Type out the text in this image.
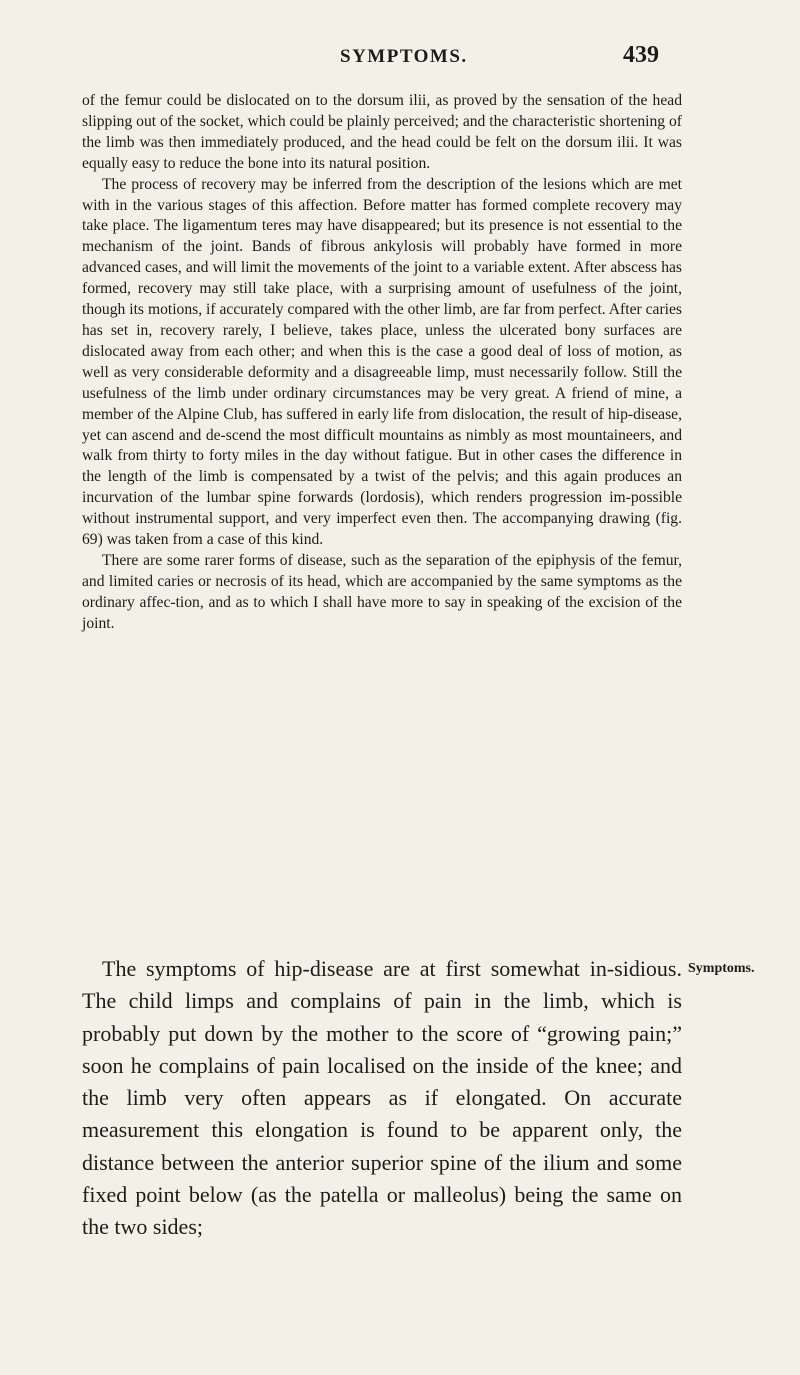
SYMPTOMS.	439

of the femur could be dislocated on to the dorsum ilii, as proved by the sensation of the head slipping out of the socket, which could be plainly perceived; and the characteristic shortening of the limb was then immediately produced, and the head could be felt on the dorsum ilii. It was equally easy to reduce the bone into its natural position.

The process of recovery may be inferred from the description of the lesions which are met with in the various stages of this affection. Before matter has formed complete recovery may take place. The ligamentum teres may have disappeared; but its presence is not essential to the mechanism of the joint. Bands of fibrous ankylosis will probably have formed in more advanced cases, and will limit the movements of the joint to a variable extent. After abscess has formed, recovery may still take place, with a surprising amount of usefulness of the joint, though its motions, if accurately compared with the other limb, are far from perfect. After caries has set in, recovery rarely, I believe, takes place, unless the ulcerated bony surfaces are dislocated away from each other; and when this is the case a good deal of loss of motion, as well as very considerable deformity and a disagreeable limp, must necessarily follow. Still the usefulness of the limb under ordinary circumstances may be very great. A friend of mine, a member of the Alpine Club, has suffered in early life from dislocation, the result of hip-disease, yet can ascend and de-scend the most difficult mountains as nimbly as most mountaineers, and walk from thirty to forty miles in the day without fatigue. But in other cases the difference in the length of the limb is compensated by a twist of the pelvis; and this again produces an incurvation of the lumbar spine forwards (lordosis), which renders progression im-possible without instrumental support, and very imperfect even then. The accompanying drawing (fig. 69) was taken from a case of this kind.

There are some rarer forms of disease, such as the separation of the epiphysis of the femur, and limited caries or necrosis of its head, which are accompanied by the same symptoms as the ordinary affec-tion, and as to which I shall have more to say in speaking of the excision of the joint.

The symptoms of hip-disease are at first somewhat in-sidious. The child limps and complains of pain in the limb, which is probably put down by the mother to the score of “growing pain;” soon he complains of pain localised on the inside of the knee; and the limb very often appears as if elongated. On accurate measurement this elongation is found to be apparent only, the distance between the anterior superior spine of the ilium and some fixed point below (as the patella or malleolus) being the same on the two sides;

Symptoms.
